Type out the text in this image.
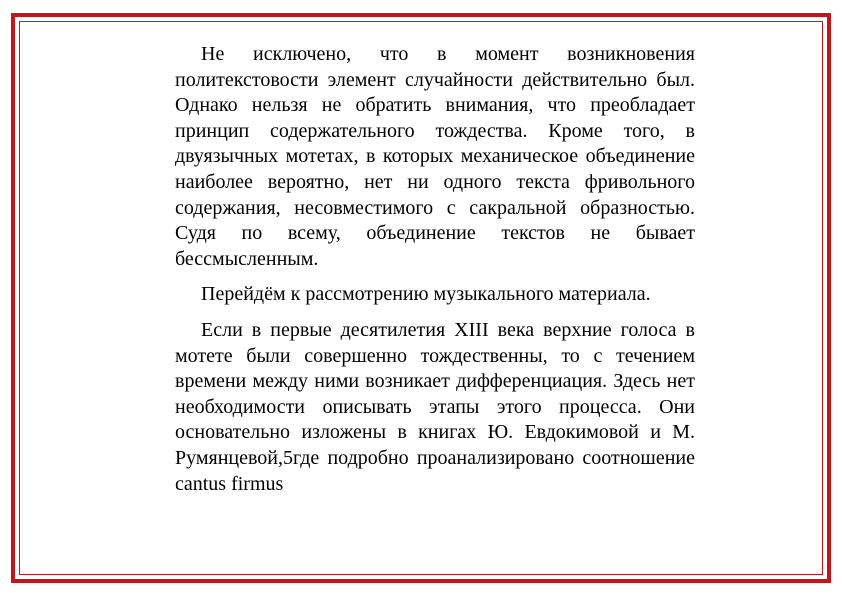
Не исключено, что в момент возникновения политекстовости элемент случайности действительно был. Однако нельзя не обратить внимания, что преобладает принцип содержательного тождества. Кроме того, в двуязычных мотетах, в которых механическое объединение наиболее вероятно, нет ни одного текста фривольного содержания, несовместимого с сакральной образностью. Судя по всему, объединение текстов не бывает бессмысленным.

Перейдём к рассмотрению музыкального материала.

Если в первые десятилетия XIII века верхние голоса в мотете были совершенно тождественны, то с течением времени между ними возникает дифференциация. Здесь нет необходимости описывать этапы этого процесса. Они основательно изложены в книгах Ю. Евдокимовой и М. Румянцевой,5где подробно проанализировано соотношение cantus firmus
